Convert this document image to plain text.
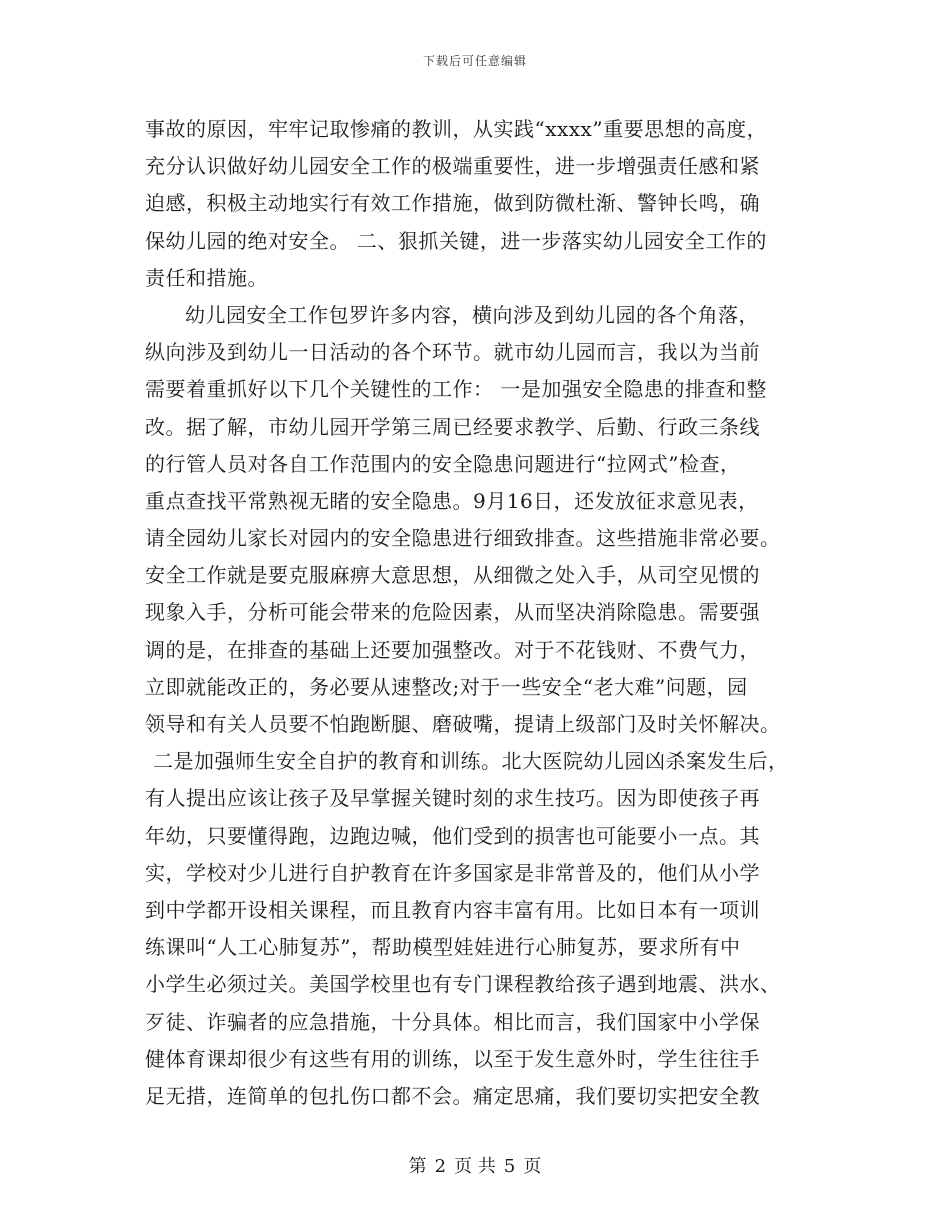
下载后可任意编辑
事故的原因，牢牢记取惨痛的教训，从实践“xxxx”重要思想的高度，
充分认识做好幼儿园安全工作的极端重要性，进一步增强责任感和紧
迫感，积极主动地实行有效工作措施，做到防微杜渐、警钟长鸣，确
保幼儿园的绝对安全。 二、狠抓关键，进一步落实幼儿园安全工作的
责任和措施。
幼儿园安全工作包罗许多内容，横向涉及到幼儿园的各个角落，
纵向涉及到幼儿一日活动的各个环节。就市幼儿园而言，我以为当前
需要着重抓好以下几个关键性的工作： 一是加强安全隐患的排查和整
改。据了解，市幼儿园开学第三周已经要求教学、后勤、行政三条线
的行管人员对各自工作范围内的安全隐患问题进行“拉网式”检查，
重点查找平常熟视无睹的安全隐患。9月16日，还发放征求意见表，
请全园幼儿家长对园内的安全隐患进行细致排查。这些措施非常必要。
安全工作就是要克服麻痹大意思想，从细微之处入手，从司空见惯的
现象入手，分析可能会带来的危险因素，从而坚决消除隐患。需要强
调的是，在排查的基础上还要加强整改。对于不花钱财、不费气力，
立即就能改正的，务必要从速整改;对于一些安全“老大难”问题，园
领导和有关人员要不怕跑断腿、磨破嘴，提请上级部门及时关怀解决。
二是加强师生安全自护的教育和训练。北大医院幼儿园凶杀案发生后，
有人提出应该让孩子及早掌握关键时刻的求生技巧。因为即使孩子再
年幼，只要懂得跑，边跑边喊，他们受到的损害也可能要小一点。其
实，学校对少儿进行自护教育在许多国家是非常普及的，他们从小学
到中学都开设相关课程，而且教育内容丰富有用。比如日本有一项训
练课叫“人工心肺复苏”，帮助模型娃娃进行心肺复苏，要求所有中
小学生必须过关。美国学校里也有专门课程教给孩子遇到地震、洪水、
歹徒、诈骗者的应急措施，十分具体。相比而言，我们国家中小学保
健体育课却很少有这些有用的训练，以至于发生意外时，学生往往手
足无措，连简单的包扎伤口都不会。痛定思痛，我们要切实把安全教
第 2 页 共 5 页
